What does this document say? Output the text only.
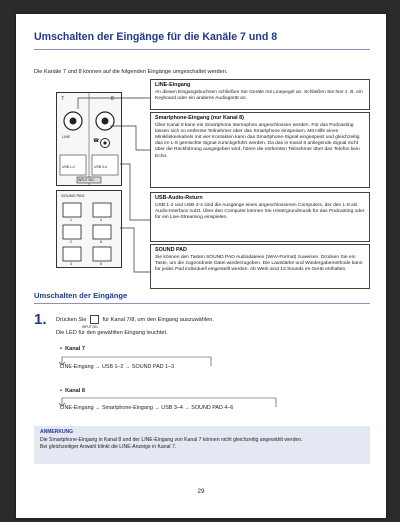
Umschalten der Eingänge für die Kanäle 7 und 8
Die Kanäle 7 und 8 können auf die folgenden Eingänge umgeschaltet werden.
7	8
LINE
☎
USB 1-2	USB 3-4
INPUT SEL
SOUND PAD
1	4
2	5
3	6
LINE-Eingang
An diesen Eingangsbuchsen schließen Sie Geräte mit Linepegel an. Schließen Sie hier z. B. ein Keyboard oder ein anderes Audiogerät an.
Smartphone-Eingang (nur Kanal 8)
Über Kanal 8 kann ein Smartphone stereophon angeschlossen werden. Für das Podcasting lassen sich so entfernte Teilnehmer über das Smartphone einspeisen. Mit Hilfe eines Miniklinkenkabels mit vier Kontakten kann das Smartphone-Signal eingespeist und gleichzeitig das im L-8 gemischte Signal zurückgeführt werden. Da das in Kanal 8 anliegende Signal nicht über die Rückführung ausgegeben wird, hören die entfernten Teilnehmer über das Telefon kein Echo.
USB-Audio-Return
USB 1-2 und USB 3-4 sind die Ausgänge eines angeschlossenen Computers, der den L-8 als Audio-Interface nutzt. Über den Computer können Sie Hintergrundmusik für das Podcasting oder für ein Live-Streaming einspielen.
SOUND PAD
Sie können den Tasten SOUND PAD Audiodateien (WAV-Format) zuweisen. Drücken Sie ein Taste, um die zugeordnete Datei wiederzugeben. Die Lautstärke und Wiedergabemethode kann für jedes Pad individuell eingestellt werden. Ab Werk sind 13 Sounds im Gerät enthalten.
Umschalten der Eingänge
1. Drücken Sie	für Kanal 7/8, um den Eingang auszuwählen.
INPUT SEL
Die LED für den gewählten Eingang leuchtet.
•  Kanal 7
LINE-Eingang → USB 1–2 → SOUND PAD 1–3
•  Kanal 8
LINE-Eingang → Smartphone-Eingang → USB 3–4 → SOUND PAD 4–6
ANMERKUNG
Die Smartphone-Eingang in Kanal 8 und der LINE-Eingang von Kanal 7 können nicht gleichzeitig angewählt werden.
Bei gleichzeitiger Anwahl blinkt die LINE-Anzeige in Kanal 7.
29
